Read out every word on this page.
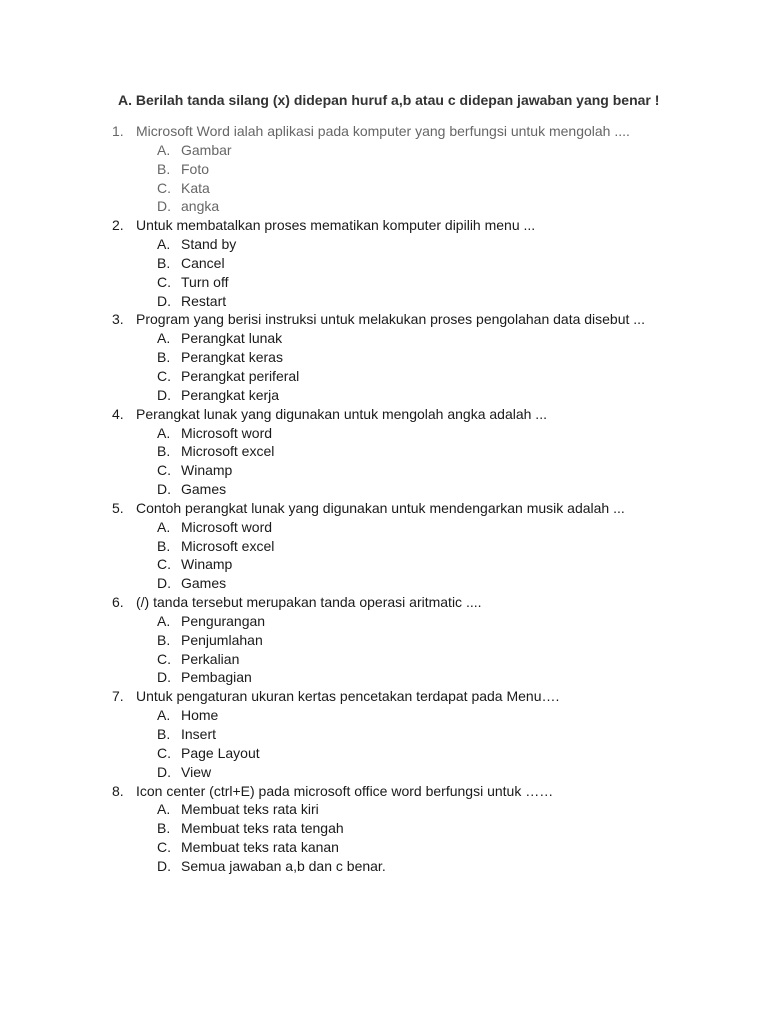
A. Berilah tanda silang (x) didepan huruf a,b atau c didepan jawaban yang benar !
1. Microsoft Word ialah aplikasi pada komputer yang berfungsi untuk mengolah ....
A. Gambar
B. Foto
C. Kata
D. angka
2. Untuk membatalkan proses mematikan komputer dipilih menu ...
A. Stand by
B. Cancel
C. Turn off
D. Restart
3. Program yang berisi instruksi untuk melakukan proses pengolahan data disebut ...
A. Perangkat lunak
B. Perangkat keras
C. Perangkat periferal
D. Perangkat kerja
4. Perangkat lunak yang digunakan untuk mengolah angka adalah ...
A. Microsoft word
B. Microsoft excel
C. Winamp
D. Games
5. Contoh perangkat lunak yang digunakan untuk mendengarkan musik adalah ...
A. Microsoft word
B. Microsoft excel
C. Winamp
D. Games
6. (/) tanda tersebut merupakan tanda operasi aritmatic ....
A. Pengurangan
B. Penjumlahan
C. Perkalian
D. Pembagian
7. Untuk pengaturan ukuran kertas pencetakan terdapat pada Menu….
A. Home
B. Insert
C. Page Layout
D. View
8. Icon center (ctrl+E) pada microsoft office word berfungsi untuk ……
A. Membuat teks rata kiri
B. Membuat teks rata tengah
C. Membuat teks rata kanan
D. Semua jawaban a,b dan c benar.
